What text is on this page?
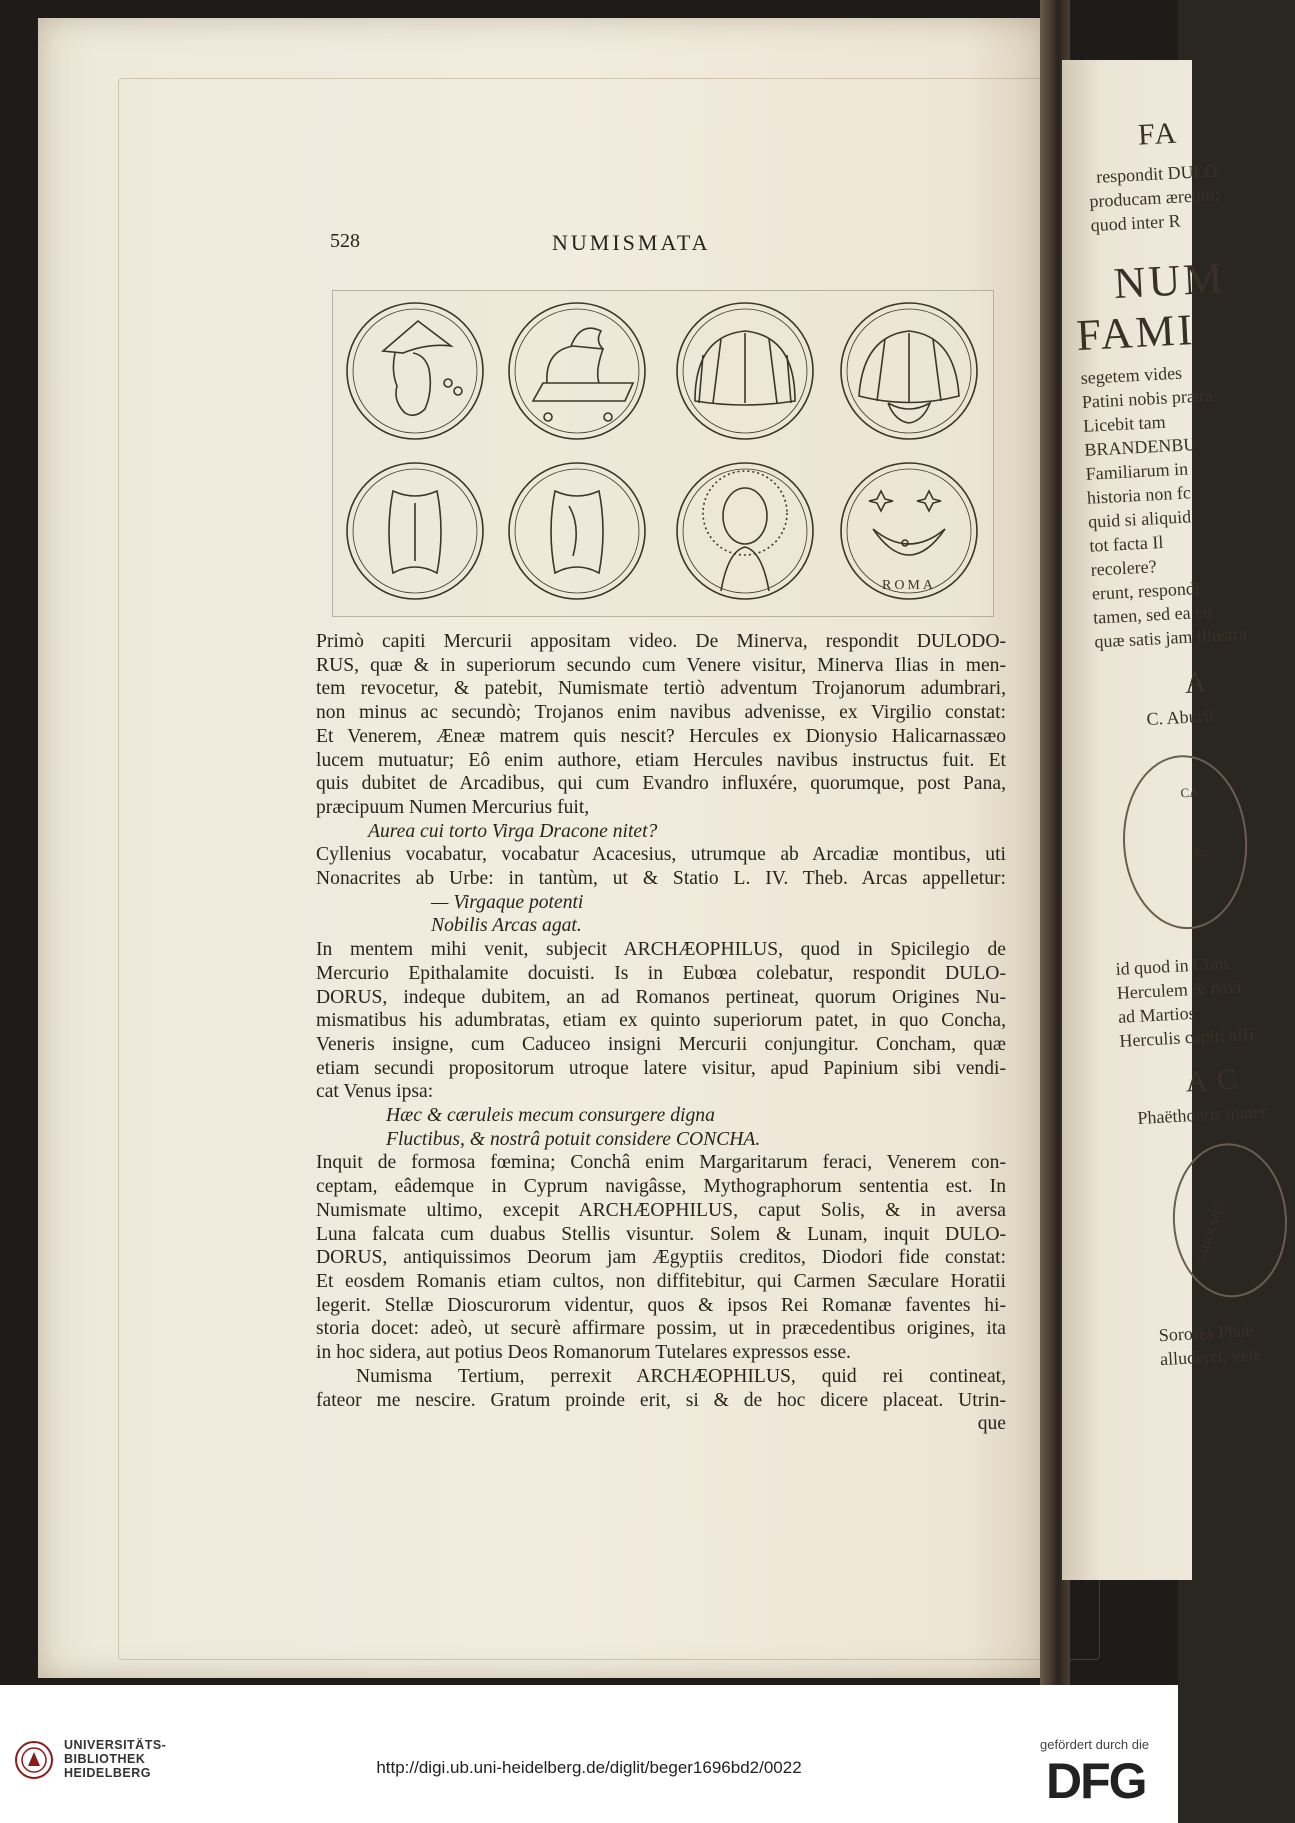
FA
respondit DULO
producam æreum;
quod inter R
NUM
FAMI
segetem vides
Patini nobis præra
Licebit tam
BRANDENBU
Familiarum in
historia non fc
quid si aliquid
tot facta Il
recolere?
erunt, respondi
tamen, sed ea cu
quæ satis jam illustra
A
C. Aburii
CA
Ro
id quod in Com
Herculem & navi
ad Martios
Herculis capiti affi
A C
Phaëthontis mater
LAGOLEIUS
Sorores Phaë
alluderet, vete
528	NUMISMATA
ROMA
Primò capiti Mercurii appositam video. De Minerva, respondit DULODO-
RUS, quæ & in superiorum secundo cum Venere visitur, Minerva Ilias in men-
tem revocetur, & patebit, Numismate tertiò adventum Trojanorum adumbrari,
non minus ac secundò; Trojanos enim navibus advenisse, ex Virgilio constat:
Et Venerem, Æneæ matrem quis nescit? Hercules ex Dionysio Halicarnassæo
lucem mutuatur; Eô enim authore, etiam Hercules navibus instructus fuit. Et
quis dubitet de Arcadibus, qui cum Evandro influxére, quorumque, post Pana,
præcipuum Numen Mercurius fuit,
Aurea cui torto Virga Dracone nitet?
Cyllenius vocabatur, vocabatur Acacesius, utrumque ab Arcadiæ montibus, uti
Nonacrites ab Urbe: in tantùm, ut & Statio L. IV. Theb. Arcas appelletur:
— Virgaque potenti
Nobilis Arcas agat.
In mentem mihi venit, subjecit ARCHÆOPHILUS, quod in Spicilegio de
Mercurio Epithalamite docuisti. Is in Eubœa colebatur, respondit DULO-
DORUS, indeque dubitem, an ad Romanos pertineat, quorum Origines Nu-
mismatibus his adumbratas, etiam ex quinto superiorum patet, in quo Concha,
Veneris insigne, cum Caduceo insigni Mercurii conjungitur. Concham, quæ
etiam secundi propositorum utroque latere visitur, apud Papinium sibi vendi-
cat Venus ipsa:
Hæc & cæruleis mecum consurgere digna
Fluctibus, & nostrâ potuit considere CONCHA.
Inquit de formosa fœmina; Conchâ enim Margaritarum feraci, Venerem con-
ceptam, eâdemque in Cyprum navigâsse, Mythographorum sententia est. In
Numismate ultimo, excepit ARCHÆOPHILUS, caput Solis, & in aversa
Luna falcata cum duabus Stellis visuntur. Solem & Lunam, inquit DULO-
DORUS, antiquissimos Deorum jam Ægyptiis creditos, Diodori fide constat:
Et eosdem Romanis etiam cultos, non diffitebitur, qui Carmen Sæculare Horatii
legerit. Stellæ Dioscurorum videntur, quos & ipsos Rei Romanæ faventes hi-
storia docet: adeò, ut securè affirmare possim, ut in præcedentibus origines, ita
in hoc sidera, aut potius Deos Romanorum Tutelares expressos esse.
Numisma Tertium, perrexit ARCHÆOPHILUS, quid rei contineat,
fateor me nescire. Gratum proinde erit, si & de hoc dicere placeat. Utrin-
que
UNIVERSITÄTS-
BIBLIOTHEK
HEIDELBERG	http://digi.ub.uni-heidelberg.de/diglit/beger1696bd2/0022
gefördert durch die
DFG
